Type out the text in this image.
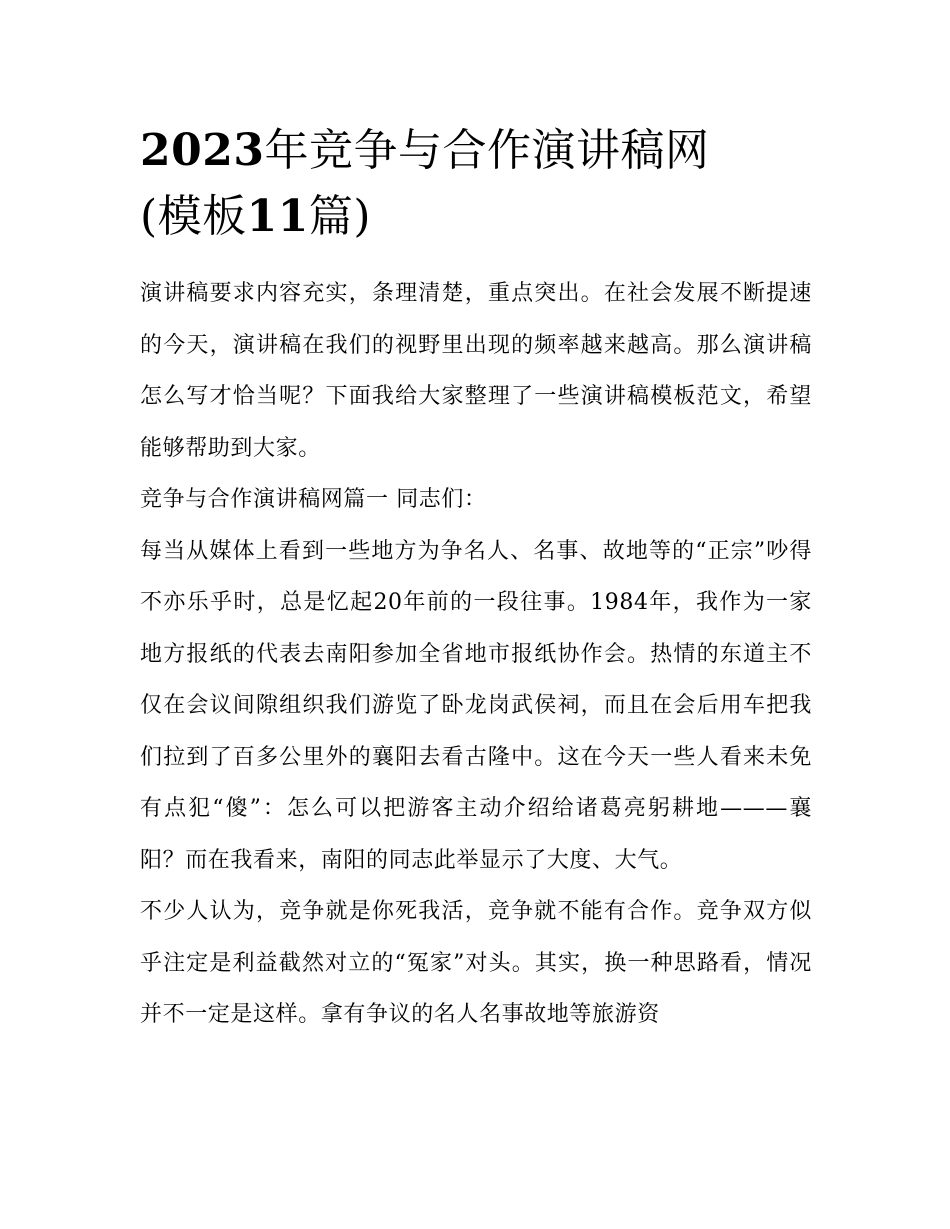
2023年竞争与合作演讲稿网
(模板11篇)

演讲稿要求内容充实，条理清楚，重点突出。在社会发展不断提速的今天，演讲稿在我们的视野里出现的频率越来越高。那么演讲稿怎么写才恰当呢？下面我给大家整理了一些演讲稿模板范文，希望能够帮助到大家。

竞争与合作演讲稿网篇一 同志们：

每当从媒体上看到一些地方为争名人、名事、故地等的“正宗”吵得不亦乐乎时，总是忆起20年前的一段往事。1984年，我作为一家地方报纸的代表去南阳参加全省地市报纸协作会。热情的东道主不仅在会议间隙组织我们游览了卧龙岗武侯祠，而且在会后用车把我们拉到了百多公里外的襄阳去看古隆中。这在今天一些人看来未免有点犯“傻”：怎么可以把游客主动介绍给诸葛亮躬耕地———襄阳？而在我看来，南阳的同志此举显示了大度、大气。

不少人认为，竞争就是你死我活，竞争就不能有合作。竞争双方似乎注定是利益截然对立的“冤家”对头。其实，换一种思路看，情况并不一定是这样。拿有争议的名人名事故地等旅游资
